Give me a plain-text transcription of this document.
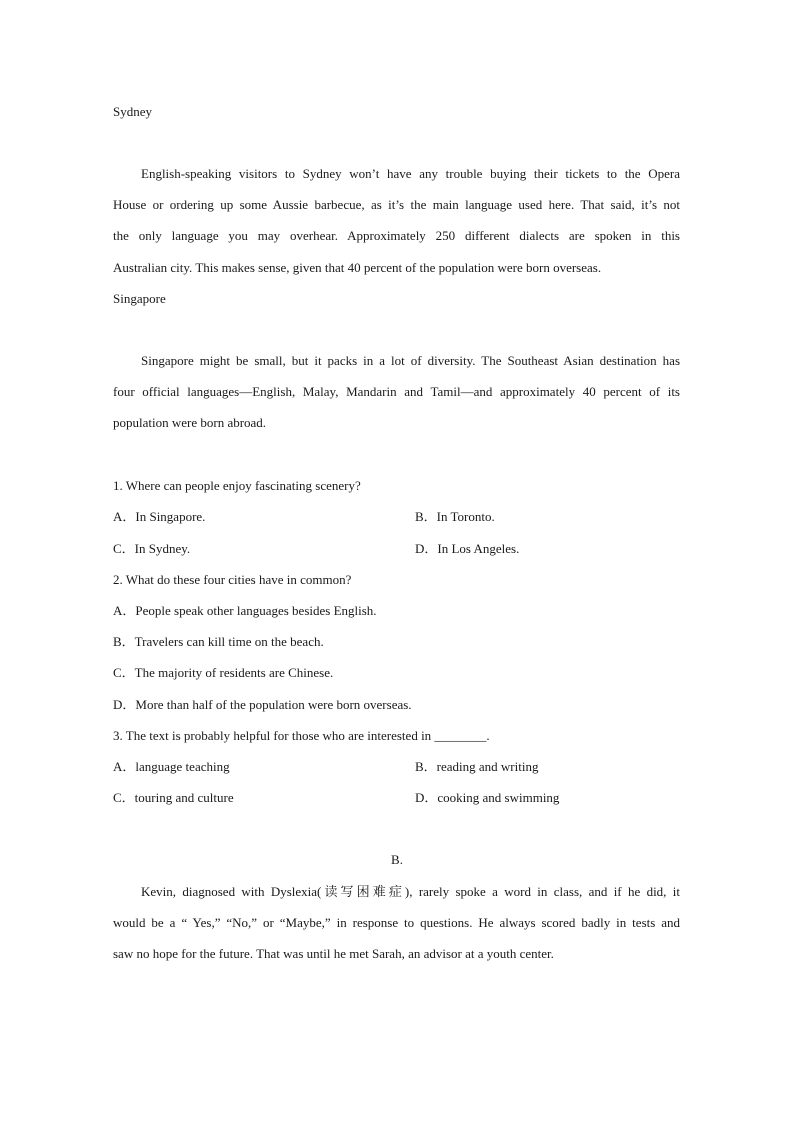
Sydney
English-speaking visitors to Sydney won’t have any trouble buying their tickets to the Opera
House or ordering up some Aussie barbecue, as it’s the main language used here. That said, it’s not
the only language you may overhear. Approximately 250 different dialects are spoken in this
Australian city. This makes sense, given that 40 percent of the population were born overseas.
Singapore
Singapore might be small, but it packs in a lot of diversity. The Southeast Asian destination has
four official languages—English, Malay, Mandarin and Tamil—and approximately 40 percent of its
population were born abroad.
1. Where can people enjoy fascinating scenery?
A．In Singapore.	B．In Toronto.
C．In Sydney.	D．In Los Angeles.
2. What do these four cities have in common?
A．People speak other languages besides English.
B．Travelers can kill time on the beach.
C．The majority of residents are Chinese.
D．More than half of the population were born overseas.
3. The text is probably helpful for those who are interested in ________.
A．language teaching	B．reading and writing
C．touring and culture	D．cooking and swimming
B.
Kevin, diagnosed with Dyslexia(读写困难症), rarely spoke a word in class, and if he did, it
would be a “ Yes,” “No,” or “Maybe,” in response to questions. He always scored badly in tests and
saw no hope for the future. That was until he met Sarah, an advisor at a youth center.
